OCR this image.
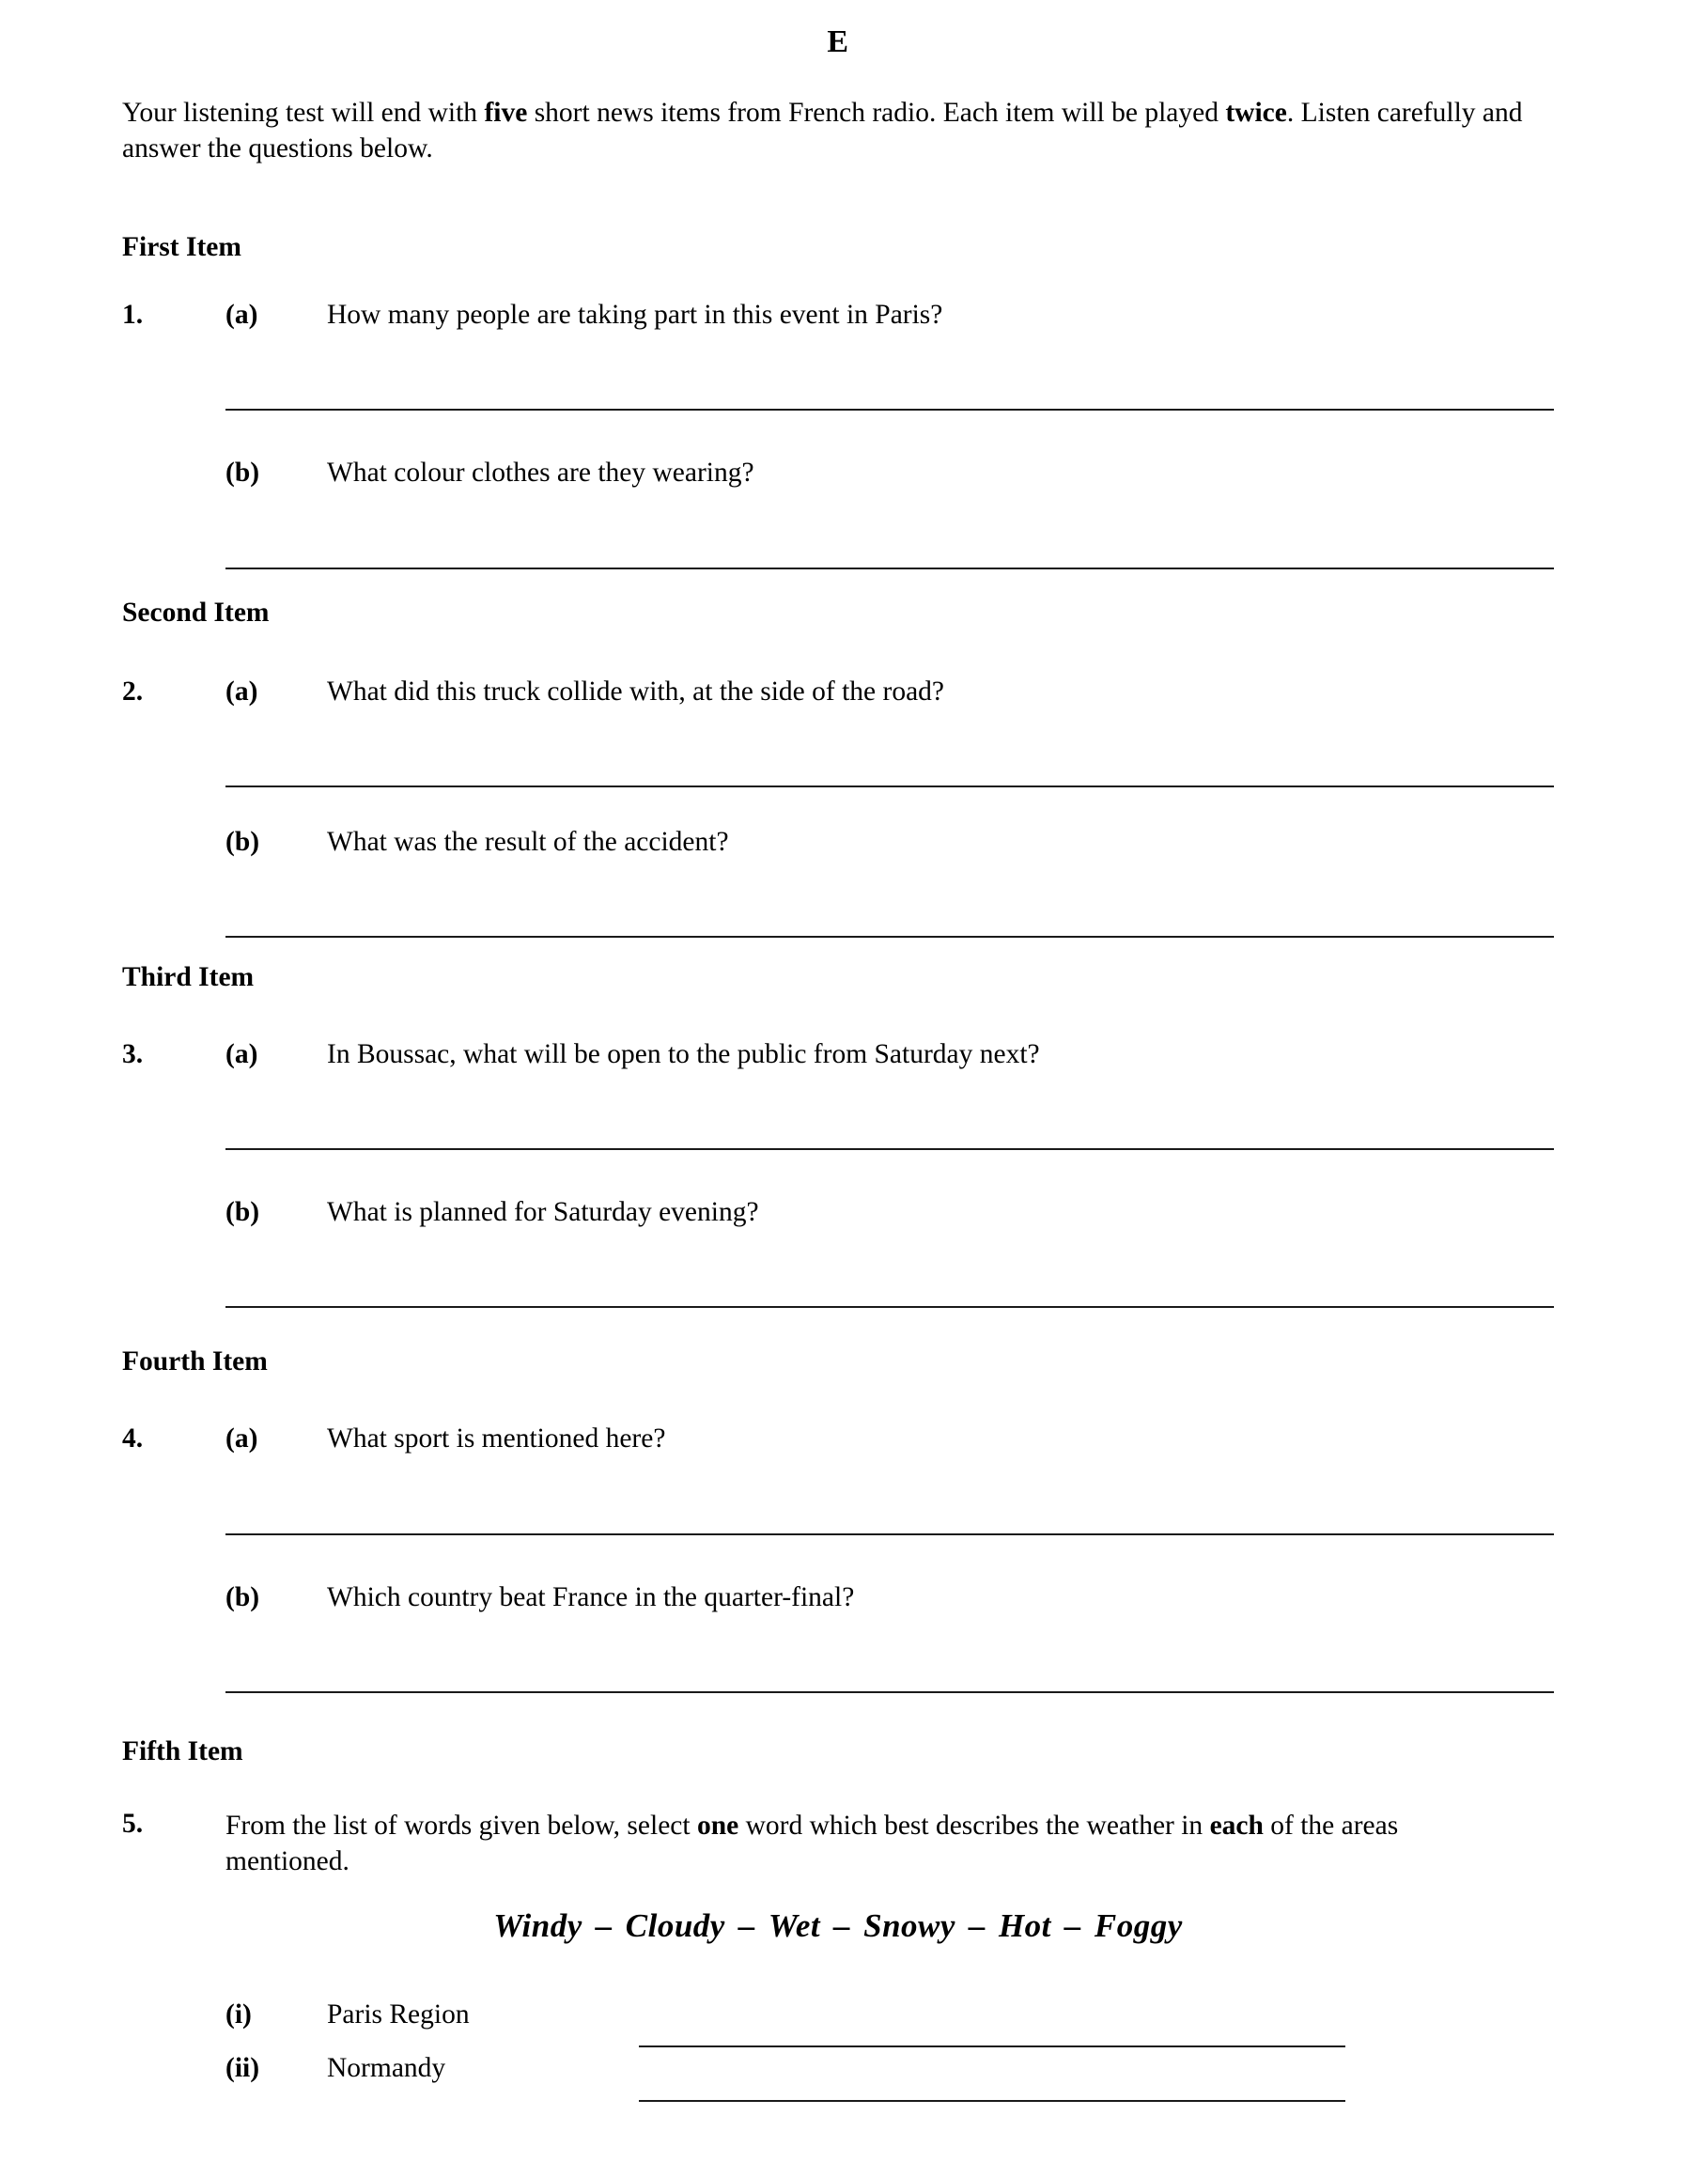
E

Your listening test will end with five short news items from French radio. Each item will be played twice. Listen carefully and answer the questions below.

First Item
1.	(a)	How many people are taking part in this event in Paris?
(b)	What colour clothes are they wearing?
Second Item
2.	(a)	What did this truck collide with, at the side of the road?
(b)	What was the result of the accident?
Third Item
3.	(a)	In Boussac, what will be open to the public from Saturday next?
(b)	What is planned for Saturday evening?
Fourth Item
4.	(a)	What sport is mentioned here?
(b)	Which country beat France in the quarter-final?
Fifth Item
5.	From the list of words given below, select one word which best describes the weather in each of the areas mentioned.
Windy – Cloudy – Wet – Snowy – Hot – Foggy
(i)	Paris Region
(ii)	Normandy
